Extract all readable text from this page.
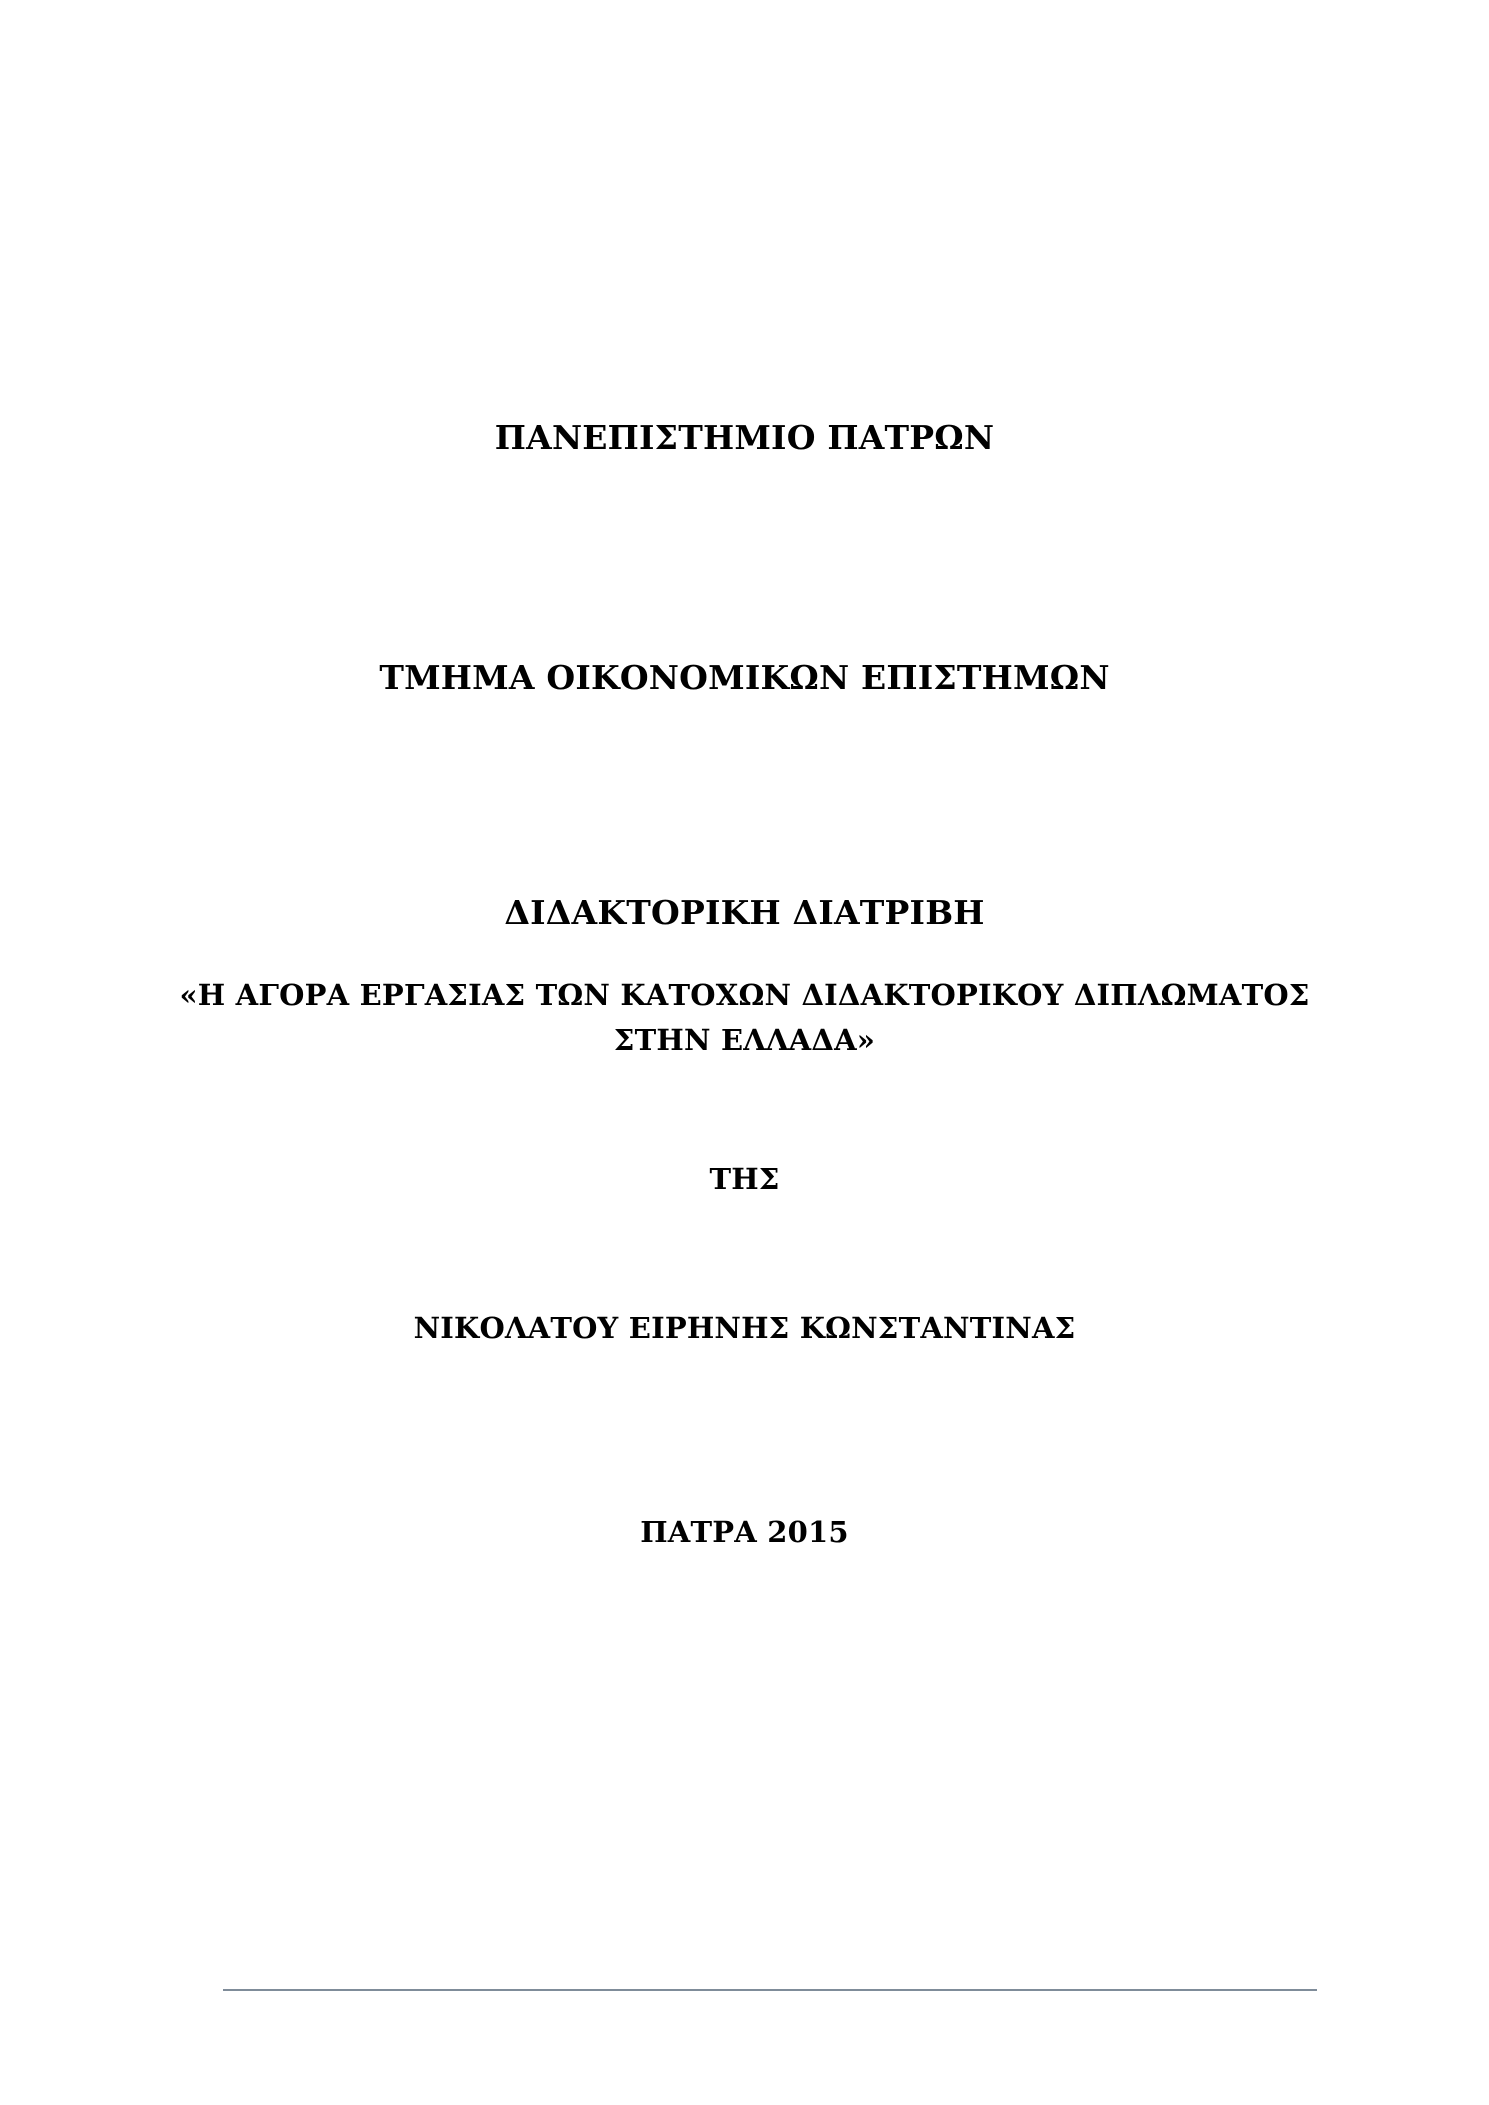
ΠΑΝΕΠΙΣΤΗΜΙΟ ΠΑΤΡΩΝ
ΤΜΗΜΑ ΟΙΚΟΝΟΜΙΚΩΝ ΕΠΙΣΤΗΜΩΝ
ΔΙΔΑΚΤΟΡΙΚΗ ΔΙΑΤΡΙΒΗ
«Η ΑΓΟΡΑ ΕΡΓΑΣΙΑΣ ΤΩΝ ΚΑΤΟΧΩΝ ΔΙΔΑΚΤΟΡΙΚΟΥ ΔΙΠΛΩΜΑΤΟΣ
ΣΤΗΝ ΕΛΛΑΔΑ»
ΤΗΣ
ΝΙΚΟΛΑΤΟΥ ΕΙΡΗΝΗΣ ΚΩΝΣΤΑΝΤΙΝΑΣ
ΠΑΤΡΑ 2015
